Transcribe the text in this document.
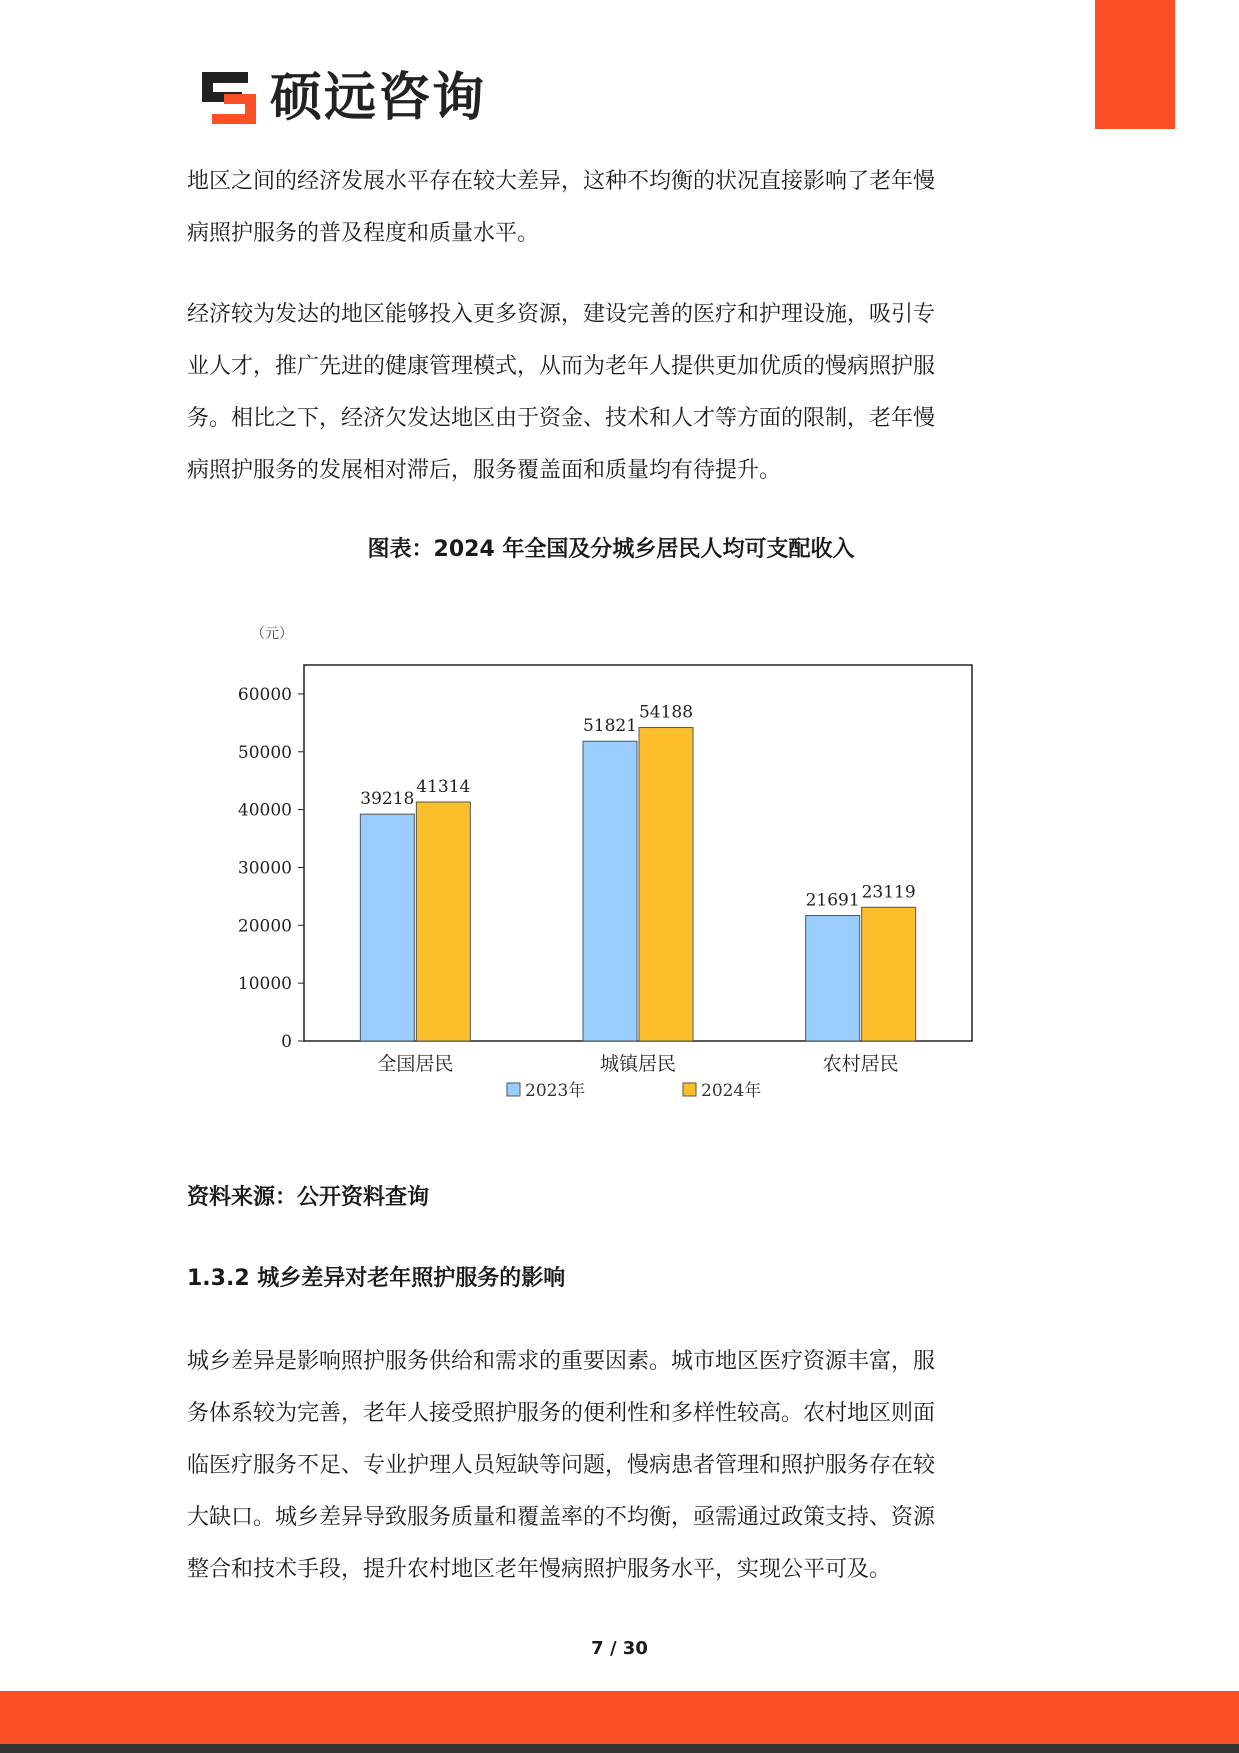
硕远咨询

地区之间的经济发展水平存在较大差异，这种不均衡的状况直接影响了老年慢

病照护服务的普及程度和质量水平。

经济较为发达的地区能够投入更多资源，建设完善的医疗和护理设施，吸引专

业人才，推广先进的健康管理模式，从而为老年人提供更加优质的慢病照护服

务。相比之下，经济欠发达地区由于资金、技术和人才等方面的限制，老年慢

病照护服务的发展相对滞后，服务覆盖面和质量均有待提升。

图表：2024 年全国及分城乡居民人均可支配收入
（元）
0
10000
20000
30000
40000
50000
60000
39218
41314
全国居民
51821
54188
城镇居民
21691 23119
农村居民
2023年	2024年
资料来源：公开资料查询
1.3.2 城乡差异对老年照护服务的影响

城乡差异是影响照护服务供给和需求的重要因素。城市地区医疗资源丰富，服

务体系较为完善，老年人接受照护服务的便利性和多样性较高。农村地区则面

临医疗服务不足、专业护理人员短缺等问题，慢病患者管理和照护服务存在较

大缺口。城乡差异导致服务质量和覆盖率的不均衡，亟需通过政策支持、资源

整合和技术手段，提升农村地区老年慢病照护服务水平，实现公平可及。

7 / 30
